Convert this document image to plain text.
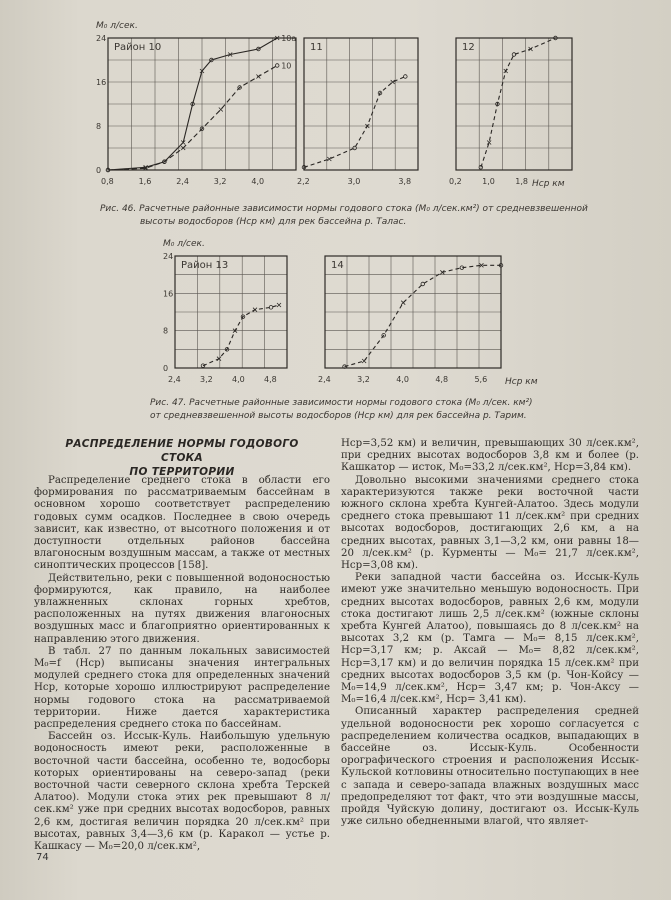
Район 10
0,8	1,6	2,4	3,2	4,0
0
8
16
24
M₀ л/сек.
10а
10
11
2,2	3,0	3,8
12
0,2	1,0	1,8
Район 13
2,4 3,2 4,0 4,8
0
8
16
24
M₀ л/сек.
14
2,4	3,2	4,0	4,8	5,6
Hср км
Hср км
Рис. 46. Расчетные районные зависимости нормы годового стока (M₀ л/сек.км²) от средневзвешенной
высоты водосборов (Hср км) для рек бассейна р. Талас.
Рис. 47. Расчетные районные зависимости нормы годового стока (M₀ л/сек. км²)
от средневзвешенной высоты водосборов (Hср км) для рек бассейна р. Тарим.
РАСПРЕДЕЛЕНИЕ НОРМЫ ГОДОВОГО СТОКА
ПО ТЕРРИТОРИИ

Распределение среднего стока в области его формирования по рассматриваемым бассейнам в основном хорошо соответствует распределению годовых сумм осадков. Последнее в свою очередь зависит, как известно, от высотного положения и от доступности отдельных районов бассейна влагоносным воздушным массам, а также от местных синоптических процессов [158].

Действительно, реки с повышенной водоносностью формируются, как правило, на наиболее увлажненных склонах горных хребтов, расположенных на путях движения влагоносных воздушных масс и благоприятно ориентированных к направлению этого движения.

В табл. 27 по данным локальных зависимостей M₀=f (Hср) выписаны значения интегральных модулей среднего стока для определенных значений Hср, которые хорошо иллюстрируют распределение нормы годового стока на рассматриваемой территории. Ниже дается характеристика распределения среднего стока по бассейнам.

Бассейн оз. Иссык-Куль. Наибольшую удельную водоносность имеют реки, расположенные в восточной части бассейна, особенно те, водосборы которых ориентированы на северо-запад (реки восточной части северного склона хребта Терскей Алатоо). Модули стока этих рек превышают 8 л/сек.км² уже при средних высотах водосборов, равных 2,6 км, достигая величин порядка 20 л/сек.км² при высотах, равных 3,4—3,6 км (р. Каракол — устье р. Кашкасу — M₀=20,0 л/сек.км²,

Hср=3,52 км) и величин, превышающих 30 л/сек.км², при средних высотах водосборов 3,8 км и более (р. Кашкатор — исток, M₀=33,2 л/сек.км², Hср=3,84 км).

Довольно высокими значениями среднего стока характеризуются также реки восточной части южного склона хребта Кунгей-Алатоо. Здесь модули среднего стока превышают 11 л/сек.км² при средних высотах водосборов, достигающих 2,6 км, а на средних высотах, равных 3,1—3,2 км, они равны 18—20 л/сек.км² (р. Курменты — M₀= 21,7 л/сек.км², Hср=3,08 км).

Реки западной части бассейна оз. Иссык-Куль имеют уже значительно меньшую водоносность. При средних высотах водосборов, равных 2,6 км, модули стока достигают лишь 2,5 л/сек.км² (южные склоны хребта Кунгей Алатоо), повышаясь до 8 л/сек.км² на высотах 3,2 км (р. Тамга — M₀= 8,15 л/сек.км², Hср=3,17 км; р. Аксай — M₀= 8,82 л/сек.км², Hср=3,17 км) и до величин порядка 15 л/сек.км² при средних высотах водосборов 3,5 км (р. Чон-Койсу — M₀=14,9 л/сек.км², Hср= 3,47 км; р. Чон-Аксу — M₀=16,4 л/сек.км², Hср= 3,41 км).

Описанный характер распределения средней удельной водоносности рек хорошо согласуется с распределением количества осадков, выпадающих в бассейне оз. Иссык-Куль. Особенности орографического строения и расположения Иссык-Кульской котловины относительно поступающих в нее с запада и северо-запада влажных воздушных масс предопределяют тот факт, что эти воздушные массы, пройдя Чуйскую долину, достигают оз. Иссык-Куль уже сильно обедненными влагой, что являет-

74
